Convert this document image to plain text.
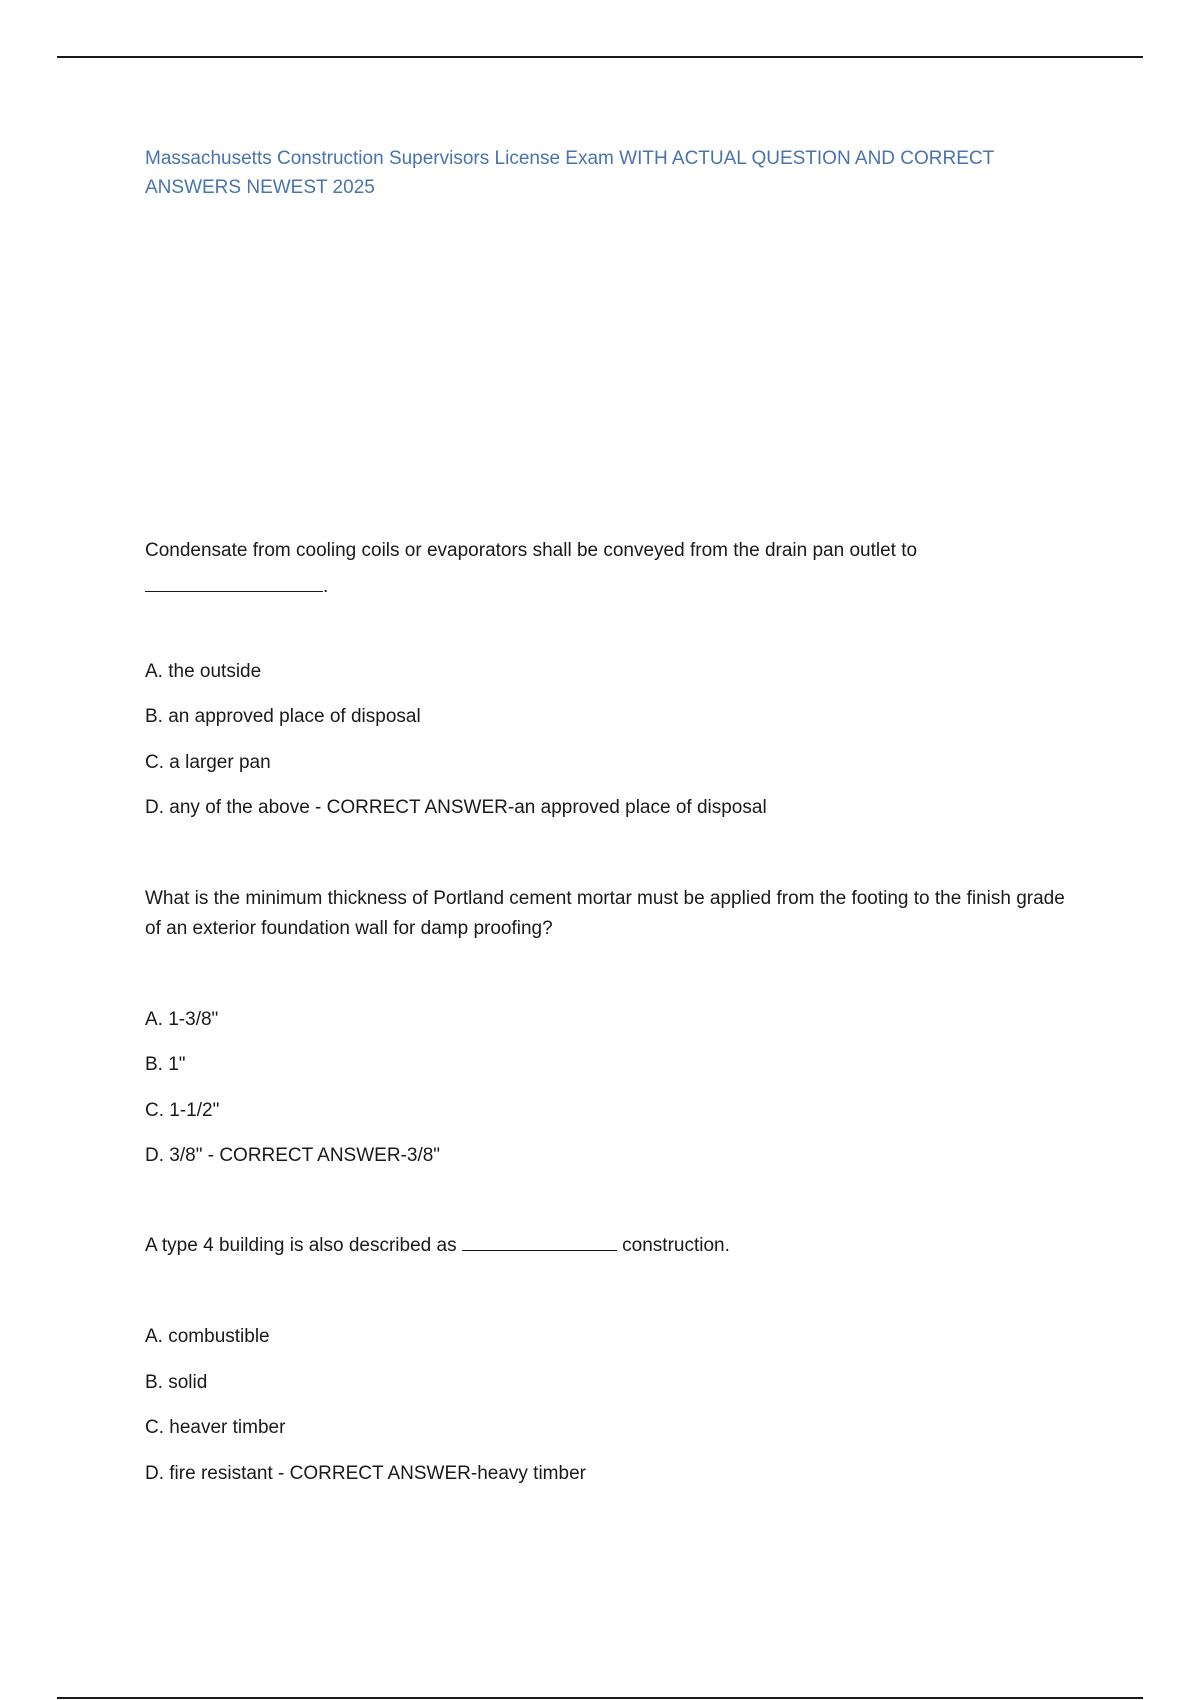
Massachusetts Construction Supervisors License Exam WITH ACTUAL QUESTION AND CORRECT ANSWERS NEWEST 2025

Condensate from cooling coils or evaporators shall be conveyed from the drain pan outlet to

.

A. the outside

B. an approved place of disposal

C. a larger pan

D. any of the above - CORRECT ANSWER-an approved place of disposal

What is the minimum thickness of Portland cement mortar must be applied from the footing to the finish grade of an exterior foundation wall for damp proofing?

A. 1-3/8"

B. 1"

C. 1-1/2"

D. 3/8" - CORRECT ANSWER-3/8"

A type 4 building is also described as	construction.

A. combustible

B. solid

C. heaver timber

D. fire resistant - CORRECT ANSWER-heavy timber
